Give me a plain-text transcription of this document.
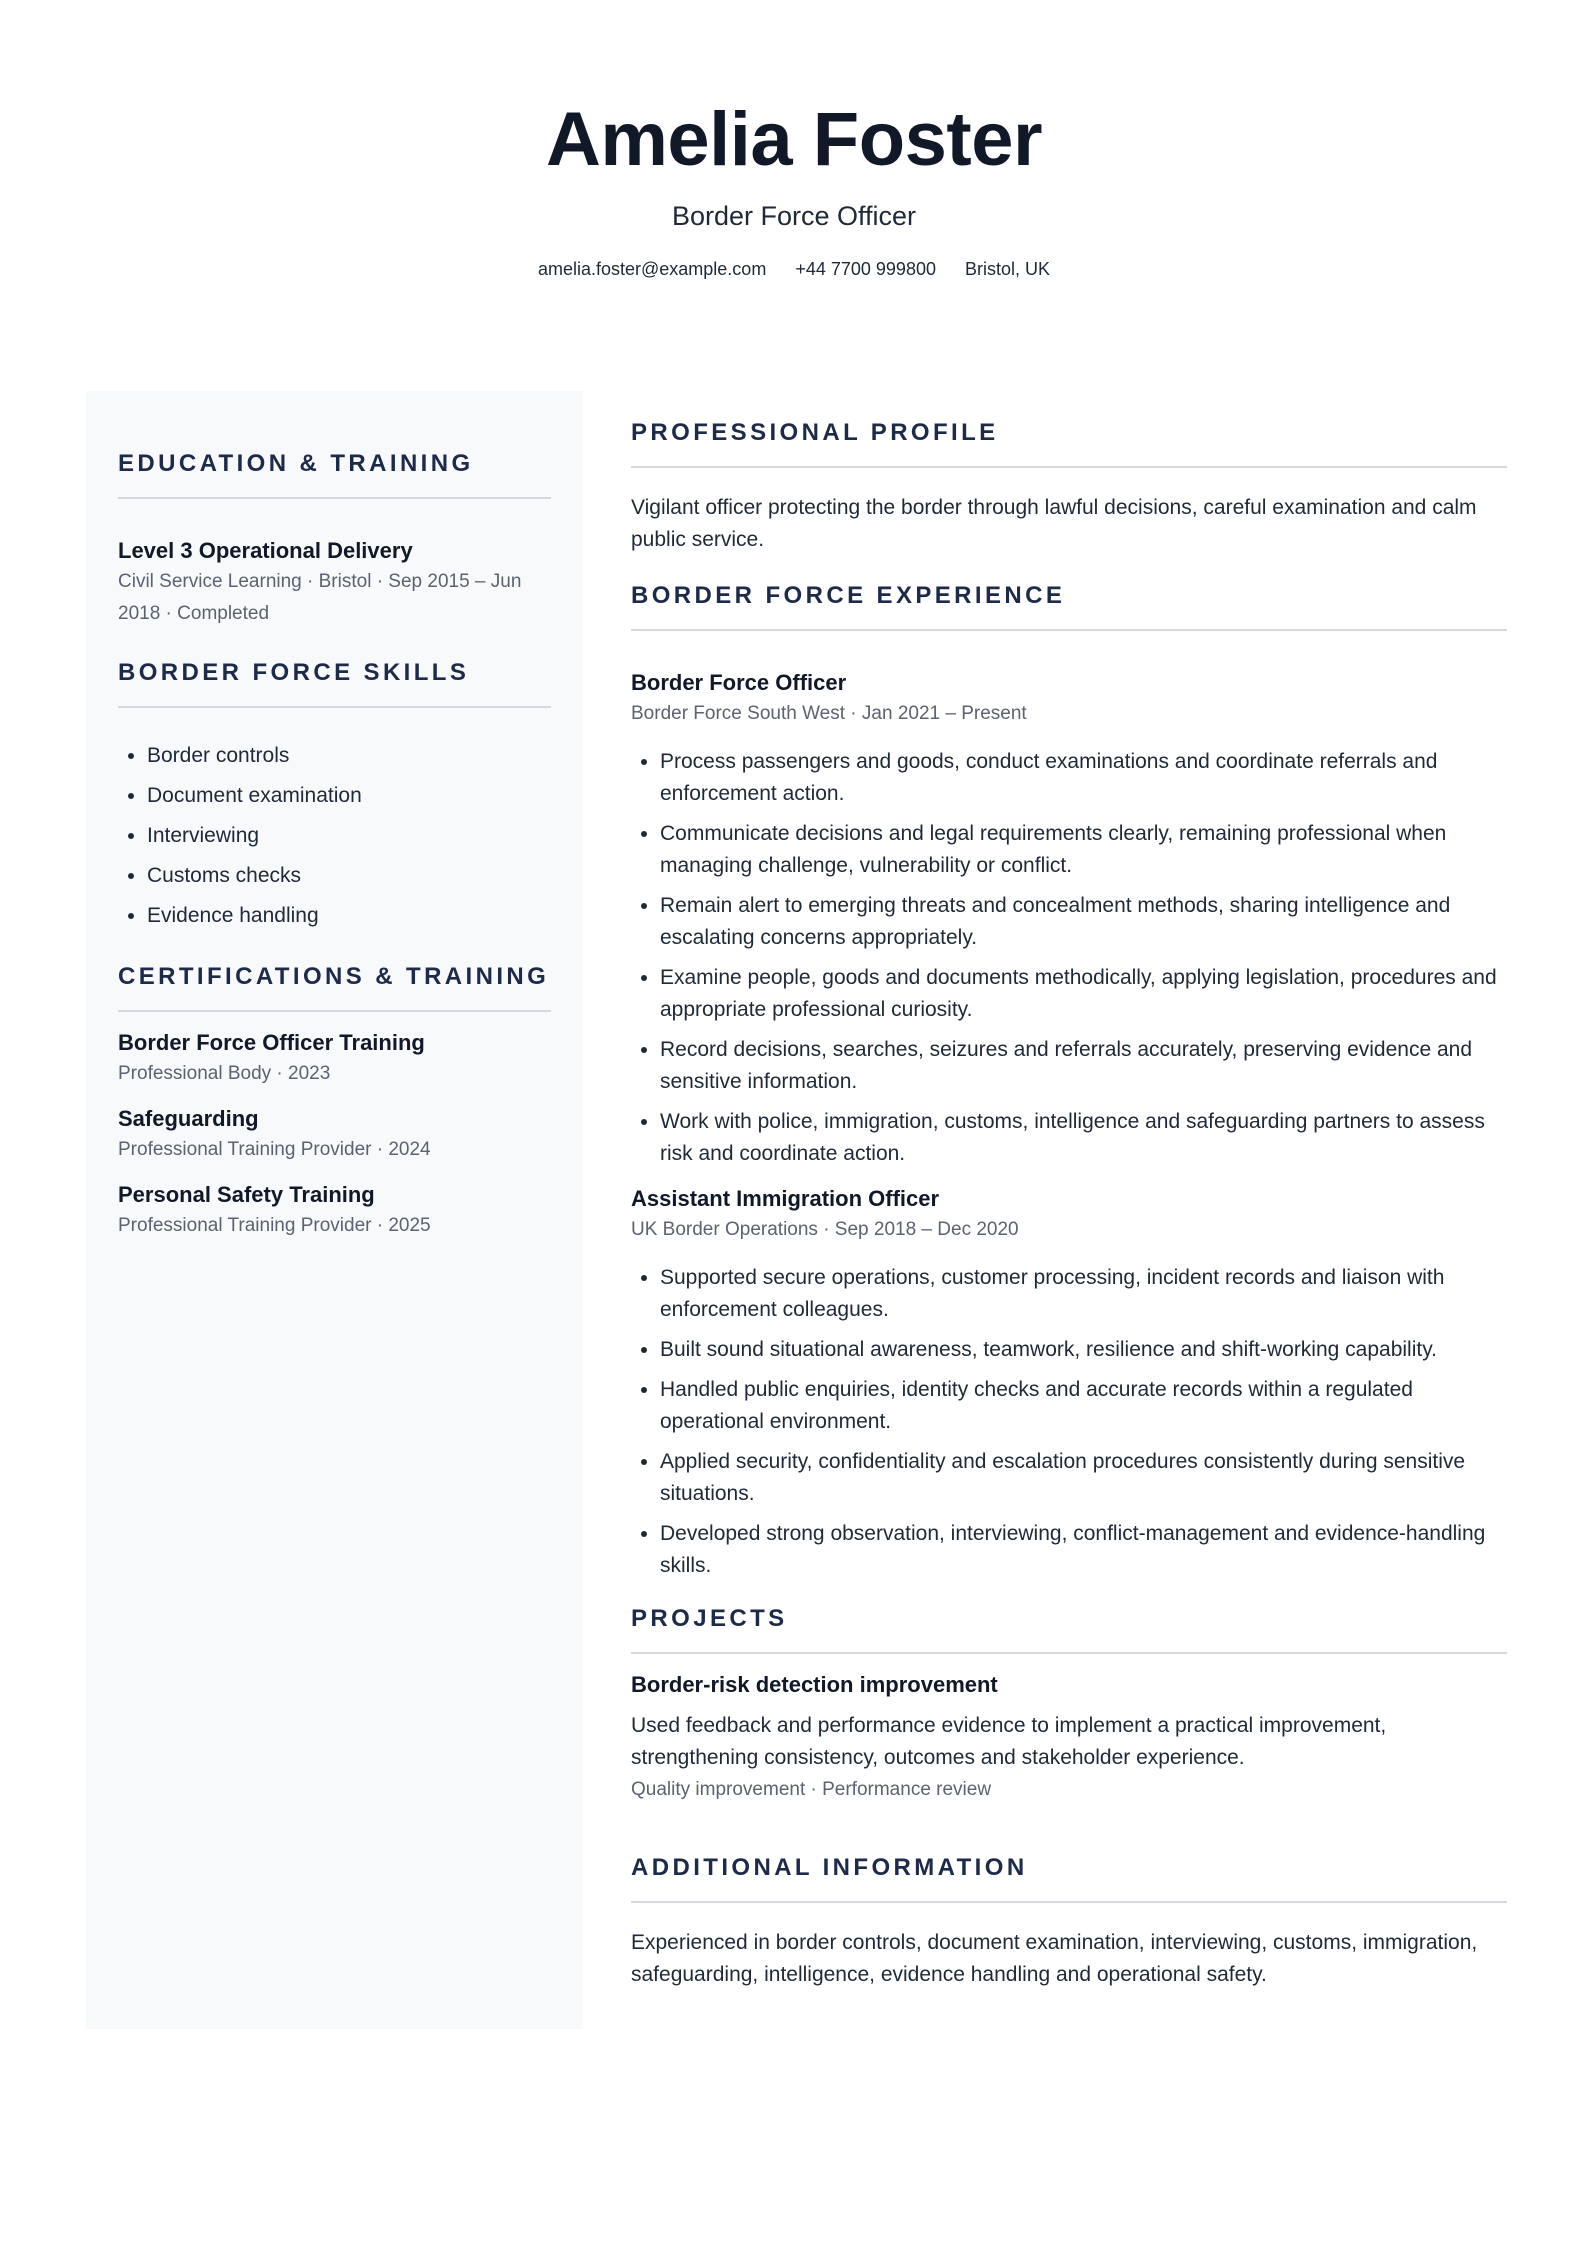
Amelia Foster
Border Force Officer
amelia.foster@example.com +44 7700 999800 Bristol, UK
EDUCATION & TRAINING
Level 3 Operational Delivery
Civil Service Learning · Bristol · Sep 2015 – Jun 2018 · Completed
BORDER FORCE SKILLS
• Border controls
• Document examination
• Interviewing
• Customs checks
• Evidence handling
CERTIFICATIONS & TRAINING
Border Force Officer Training
Professional Body · 2023
Safeguarding
Professional Training Provider · 2024
Personal Safety Training
Professional Training Provider · 2025
PROFESSIONAL PROFILE

Vigilant officer protecting the border through lawful decisions, careful examination and calm public service.

BORDER FORCE EXPERIENCE
Border Force Officer
Border Force South West · Jan 2021 – Present
• Process passengers and goods, conduct examinations and coordinate referrals and enforcement action.
• Communicate decisions and legal requirements clearly, remaining professional when managing challenge, vulnerability or conflict.
• Remain alert to emerging threats and concealment methods, sharing intelligence and escalating concerns appropriately.
• Examine people, goods and documents methodically, applying legislation, procedures and appropriate professional curiosity.
• Record decisions, searches, seizures and referrals accurately, preserving evidence and sensitive information.
• Work with police, immigration, customs, intelligence and safeguarding partners to assess risk and coordinate action.
Assistant Immigration Officer
UK Border Operations · Sep 2018 – Dec 2020
• Supported secure operations, customer processing, incident records and liaison with enforcement colleagues.
• Built sound situational awareness, teamwork, resilience and shift-working capability.
• Handled public enquiries, identity checks and accurate records within a regulated operational environment.
• Applied security, confidentiality and escalation procedures consistently during sensitive situations.
• Developed strong observation, interviewing, conflict-management and evidence-handling skills.
PROJECTS
Border-risk detection improvement

Used feedback and performance evidence to implement a practical improvement, strengthening consistency, outcomes and stakeholder experience.

Quality improvement · Performance review
ADDITIONAL INFORMATION

Experienced in border controls, document examination, interviewing, customs, immigration, safeguarding, intelligence, evidence handling and operational safety.
